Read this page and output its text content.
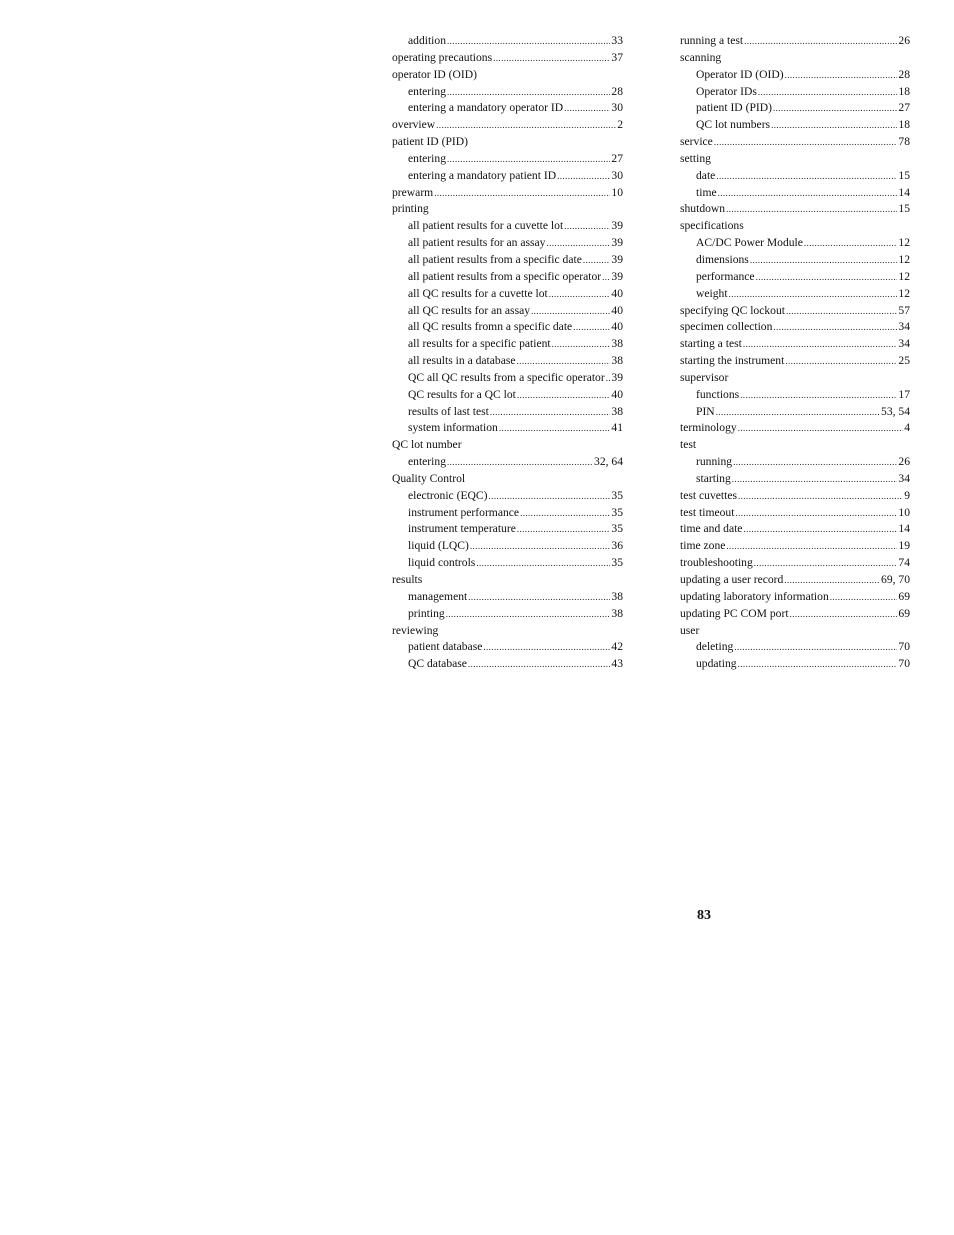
addition .....	33
operating precautions .....	37
operator ID (OID)
entering .....	28
entering a mandatory operator ID .....	30
overview .....	2
patient ID (PID)
entering .....	27
entering a mandatory patient ID .....	30
prewarm .....	10
printing
all patient results for a cuvette lot .....	39
all patient results for an assay .....	39
all patient results from a specific date .....	39
all patient results from a specific operator ..... 39
all QC results for a cuvette lot .....	40
all QC results for an assay .....	40
all QC results fromn a specific date .....	40
all results for a specific patient .....	38
all results in a database .....	38
QC all QC results from a specific operator ..... 39
QC results for a QC lot .....	40
results of last test .....	38
system information .....	41
QC lot number
entering .....	32, 64
Quality Control
electronic (EQC) .....	35
instrument performance .....	35
instrument temperature .....	35
liquid (LQC) .....	36
liquid controls .....	35
results
management .....	38
printing .....	38
reviewing
patient database .....	42
QC database .....	43
running a test .....	26
scanning
Operator ID (OID) .....	28
Operator IDs .....	18
patient ID (PID) .....	27
QC lot numbers .....	18
service .....	78
setting
date .....	15
time .....	14
shutdown .....	15
specifications
AC/DC Power Module .....	12
dimensions .....	12
performance .....	12
weight .....	12
specifying QC lockout .....	57
specimen collection .....	34
starting a test .....	34
starting the instrument .....	25
supervisor
functions .....	17
PIN .....	53, 54
terminology .....	4
test
running .....	26
starting .....	34
test cuvettes .....	9
test timeout .....	10
time and date .....	14
time zone .....	19
troubleshooting .....	74
updating a user record .....	69, 70
updating laboratory information .....	69
updating PC COM port .....	69
user
deleting .....	70
updating .....	70
83
